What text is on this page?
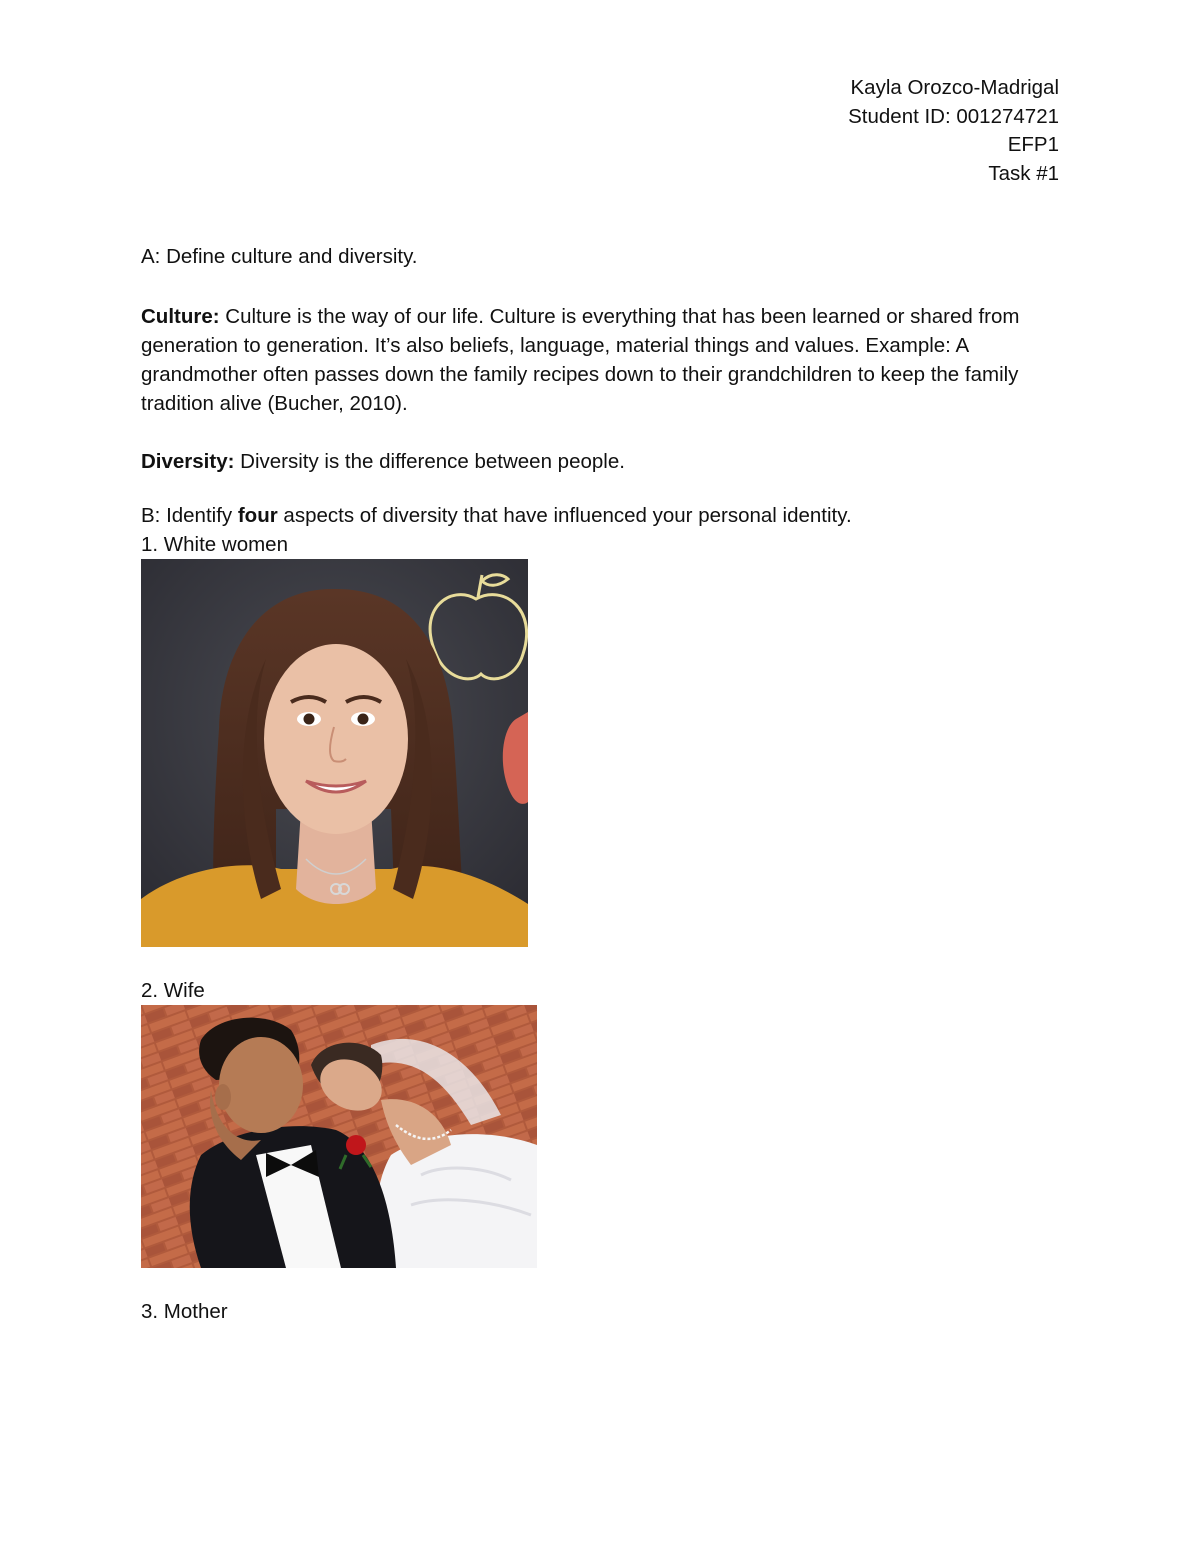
Kayla Orozco-Madrigal
Student ID: 001274721
EFP1
Task #1
A: Define culture and diversity.
Culture: Culture is the way of our life. Culture is everything that has been learned or shared from generation to generation. It’s also beliefs, language, material things and values. Example: A grandmother often passes down the family recipes down to their grandchildren to keep the family tradition alive (Bucher, 2010).
Diversity: Diversity is the difference between people.
B: Identify four aspects of diversity that have influenced your personal identity.
1. White women
2. Wife
3. Mother
